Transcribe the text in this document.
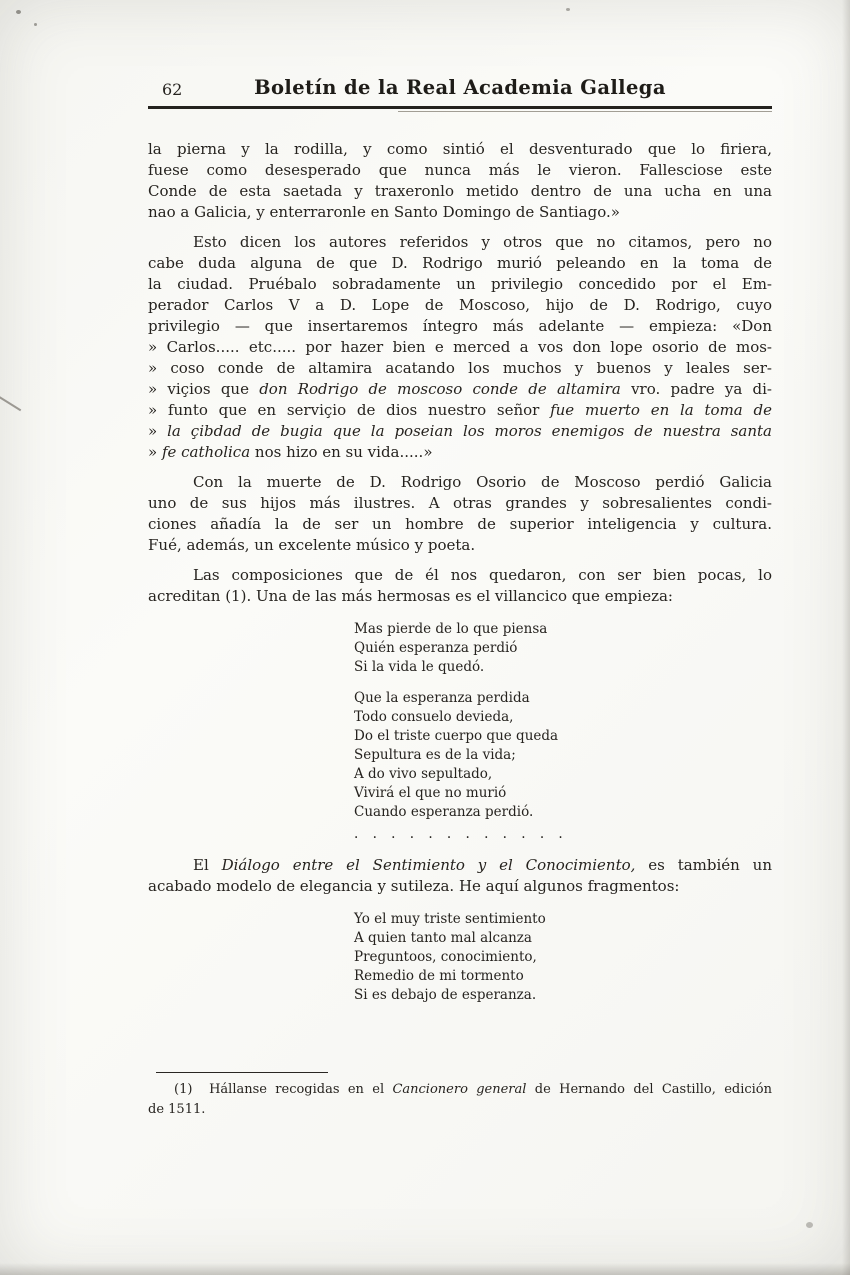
62	Boletín de la Real Academia Gallega
la pierna y la rodilla, y como sintió el desventurado que lo firiera,
fuese como desesperado que nunca más le vieron. Fallesciose este
Conde de esta saetada y traxeronlo metido dentro de una ucha en una
nao a Galicia, y enterraronle en Santo Domingo de Santiago.»
Esto dicen los autores referidos y otros que no citamos, pero no
cabe duda alguna de que D. Rodrigo murió peleando en la toma de
la ciudad. Pruébalo sobradamente un privilegio concedido por el Em-
perador Carlos V a D. Lope de Moscoso, hijo de D. Rodrigo, cuyo
privilegio — que insertaremos íntegro más adelante — empieza: «Don
» Carlos..... etc..... por hazer bien e merced a vos don lope osorio de mos-
» coso conde de altamira acatando los muchos y buenos y leales ser-
» viçios que don Rodrigo de moscoso conde de altamira vro. padre ya di-
» funto que en serviçio de dios nuestro señor fue muerto en la toma de
» la çibdad de bugia que la poseian los moros enemigos de nuestra santa
» fe catholica nos hizo en su vida.....»
Con la muerte de D. Rodrigo Osorio de Moscoso perdió Galicia
uno de sus hijos más ilustres. A otras grandes y sobresalientes condi-
ciones añadía la de ser un hombre de superior inteligencia y cultura.
Fué, además, un excelente músico y poeta.
Las composiciones que de él nos quedaron, con ser bien pocas, lo
acreditan (1). Una de las más hermosas es el villancico que empieza:
Mas pierde de lo que piensa
Quién esperanza perdió
Si la vida le quedó.
Que la esperanza perdida
Todo consuelo devieda,
Do el triste cuerpo que queda
Sepultura es de la vida;
A do vivo sepultado,
Vivirá el que no murió
Cuando esperanza perdió.
. . . . . . . . . . . .
El Diálogo entre el Sentimiento y el Conocimiento, es también un
acabado modelo de elegancia y sutileza. He aquí algunos fragmentos:
Yo el muy triste sentimiento
A quien tanto mal alcanza
Preguntoos, conocimiento,
Remedio de mi tormento
Si es debajo de esperanza.
(1)  Hállanse recogidas en el Cancionero general de Hernando del Castillo, edición
de 1511.
